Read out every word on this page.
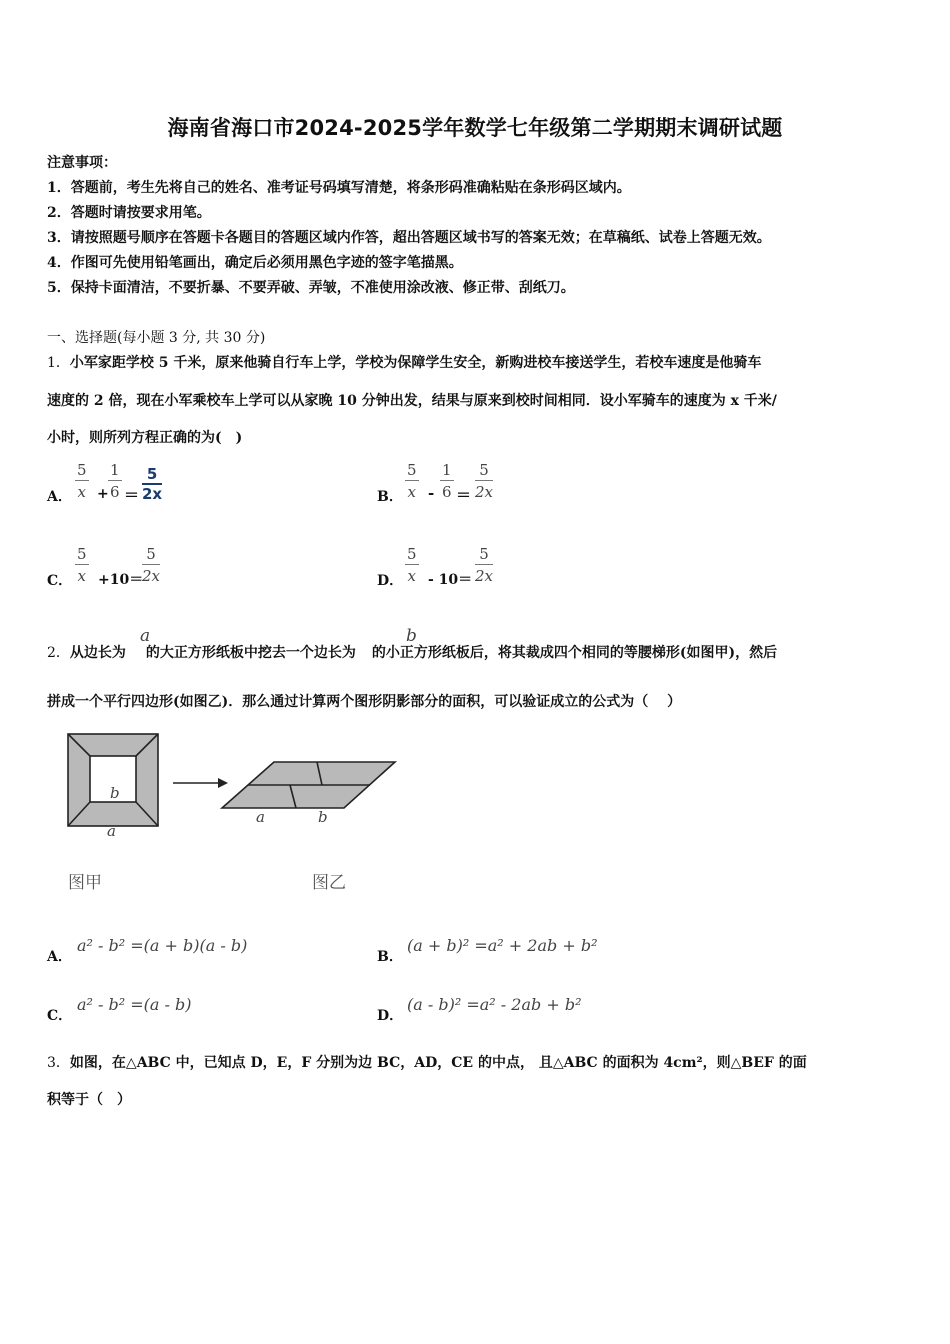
海南省海口市2024-2025学年数学七年级第二学期期末调研试题
注意事项：
1．答题前，考生先将自己的姓名、准考证号码填写清楚，将条形码准确粘贴在条形码区域内。
2．答题时请按要求用笔。
3．请按照题号顺序在答题卡各题目的答题区域内作答，超出答题区域书写的答案无效；在草稿纸、试卷上答题无效。
4．作图可先使用铅笔画出，确定后必须用黑色字迹的签字笔描黑。
5．保持卡面清洁，不要折暴、不要弄破、弄皱，不准使用涂改液、修正带、刮纸刀。
一、选择题(每小题 3 分, 共 30 分)
1．小军家距学校 5 千米，原来他骑自行车上学，学校为保障学生安全，新购进校车接送学生，若校车速度是他骑车
速度的 2 倍，现在小军乘校车上学可以从家晚 10 分钟出发，结果与原来到校时间相同．设小军骑车的速度为 x 千米/
小时，则所列方程正确的为(　)
A． $\frac{5}{x} + \frac{1}{6} = \frac{5}{2x}$	B． $\frac{5}{x} - \frac{1}{6} = \frac{5}{2x}$
C． $\frac{5}{x} +10=$
$\frac{5}{2x}$	D． $\frac{5}{x} - 10= \frac{5}{2x}$
2．从边长为 的大正方形纸板中挖去一个边长为 的小正方形纸板后，将其裁成四个相同的等腰梯形(如图甲)，然后
a	b
拼成一个平行四边形(如图乙)．那么通过计算两个图形阴影部分的面积，可以验证成立的公式为（　 ）
b
a
a	b
图甲	图乙
A．
a² - b² =(a + b)(a - b)
B．
(a + b)² =a² + 2ab + b²
C．
a² - b² =(a - b)
D．
(a - b)² =a² - 2ab + b²
3．如图，在△ABC 中，已知点 D，E，F 分别为边 BC，AD，CE 的中点， 且△ABC 的面积为 4cm²，则△BEF 的面
积等于（　）
